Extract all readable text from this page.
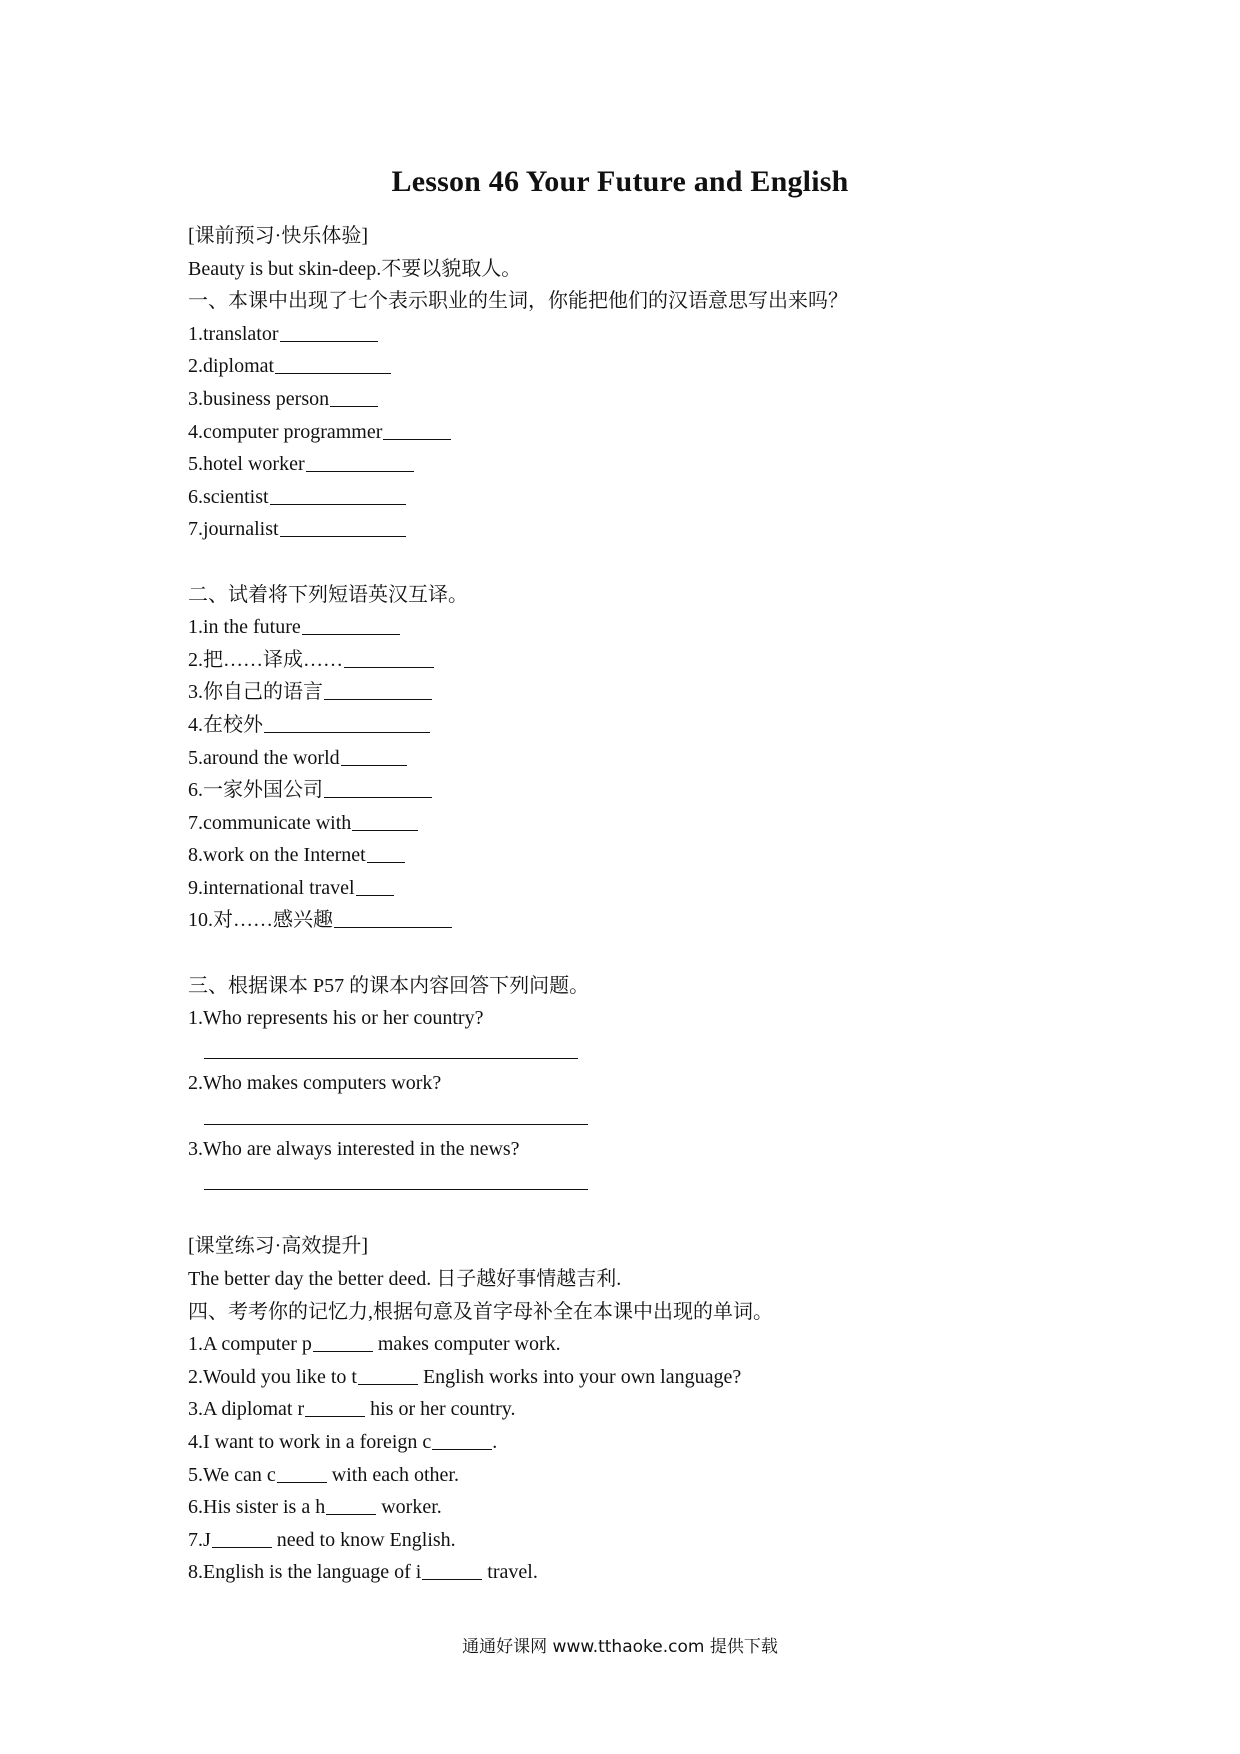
Lesson 46 Your Future and English
[课前预习·快乐体验]
Beauty is but skin-deep.不要以貌取人。
一、本课中出现了七个表示职业的生词，你能把他们的汉语意思写出来吗？
1.translator
2.diplomat
3.business person
4.computer programmer
5.hotel worker
6.scientist
7.journalist
二、试着将下列短语英汉互译。
1.in the future
2.把……译成……
3.你自己的语言
4.在校外
5.around the world
6.一家外国公司
7.communicate with
8.work on the Internet
9.international travel
10.对……感兴趣
三、根据课本 P57 的课本内容回答下列问题。
1.Who represents his or her country?
2.Who makes computers work?
3.Who are always interested in the news?
[课堂练习·高效提升]
The better day the better deed. 日子越好事情越吉利.
四、考考你的记忆力,根据句意及首字母补全在本课中出现的单词。
1.A computer p	makes computer work.
2.Would you like to t	English works into your own language?
3.A diplomat r	his or her country.
4.I want to work in a foreign c	.
5.We can c	with each other.
6.His sister is a h	worker.
7.J	need to know English.
8.English is the language of i	travel.
通通好课网 www.tthaoke.com 提供下载
